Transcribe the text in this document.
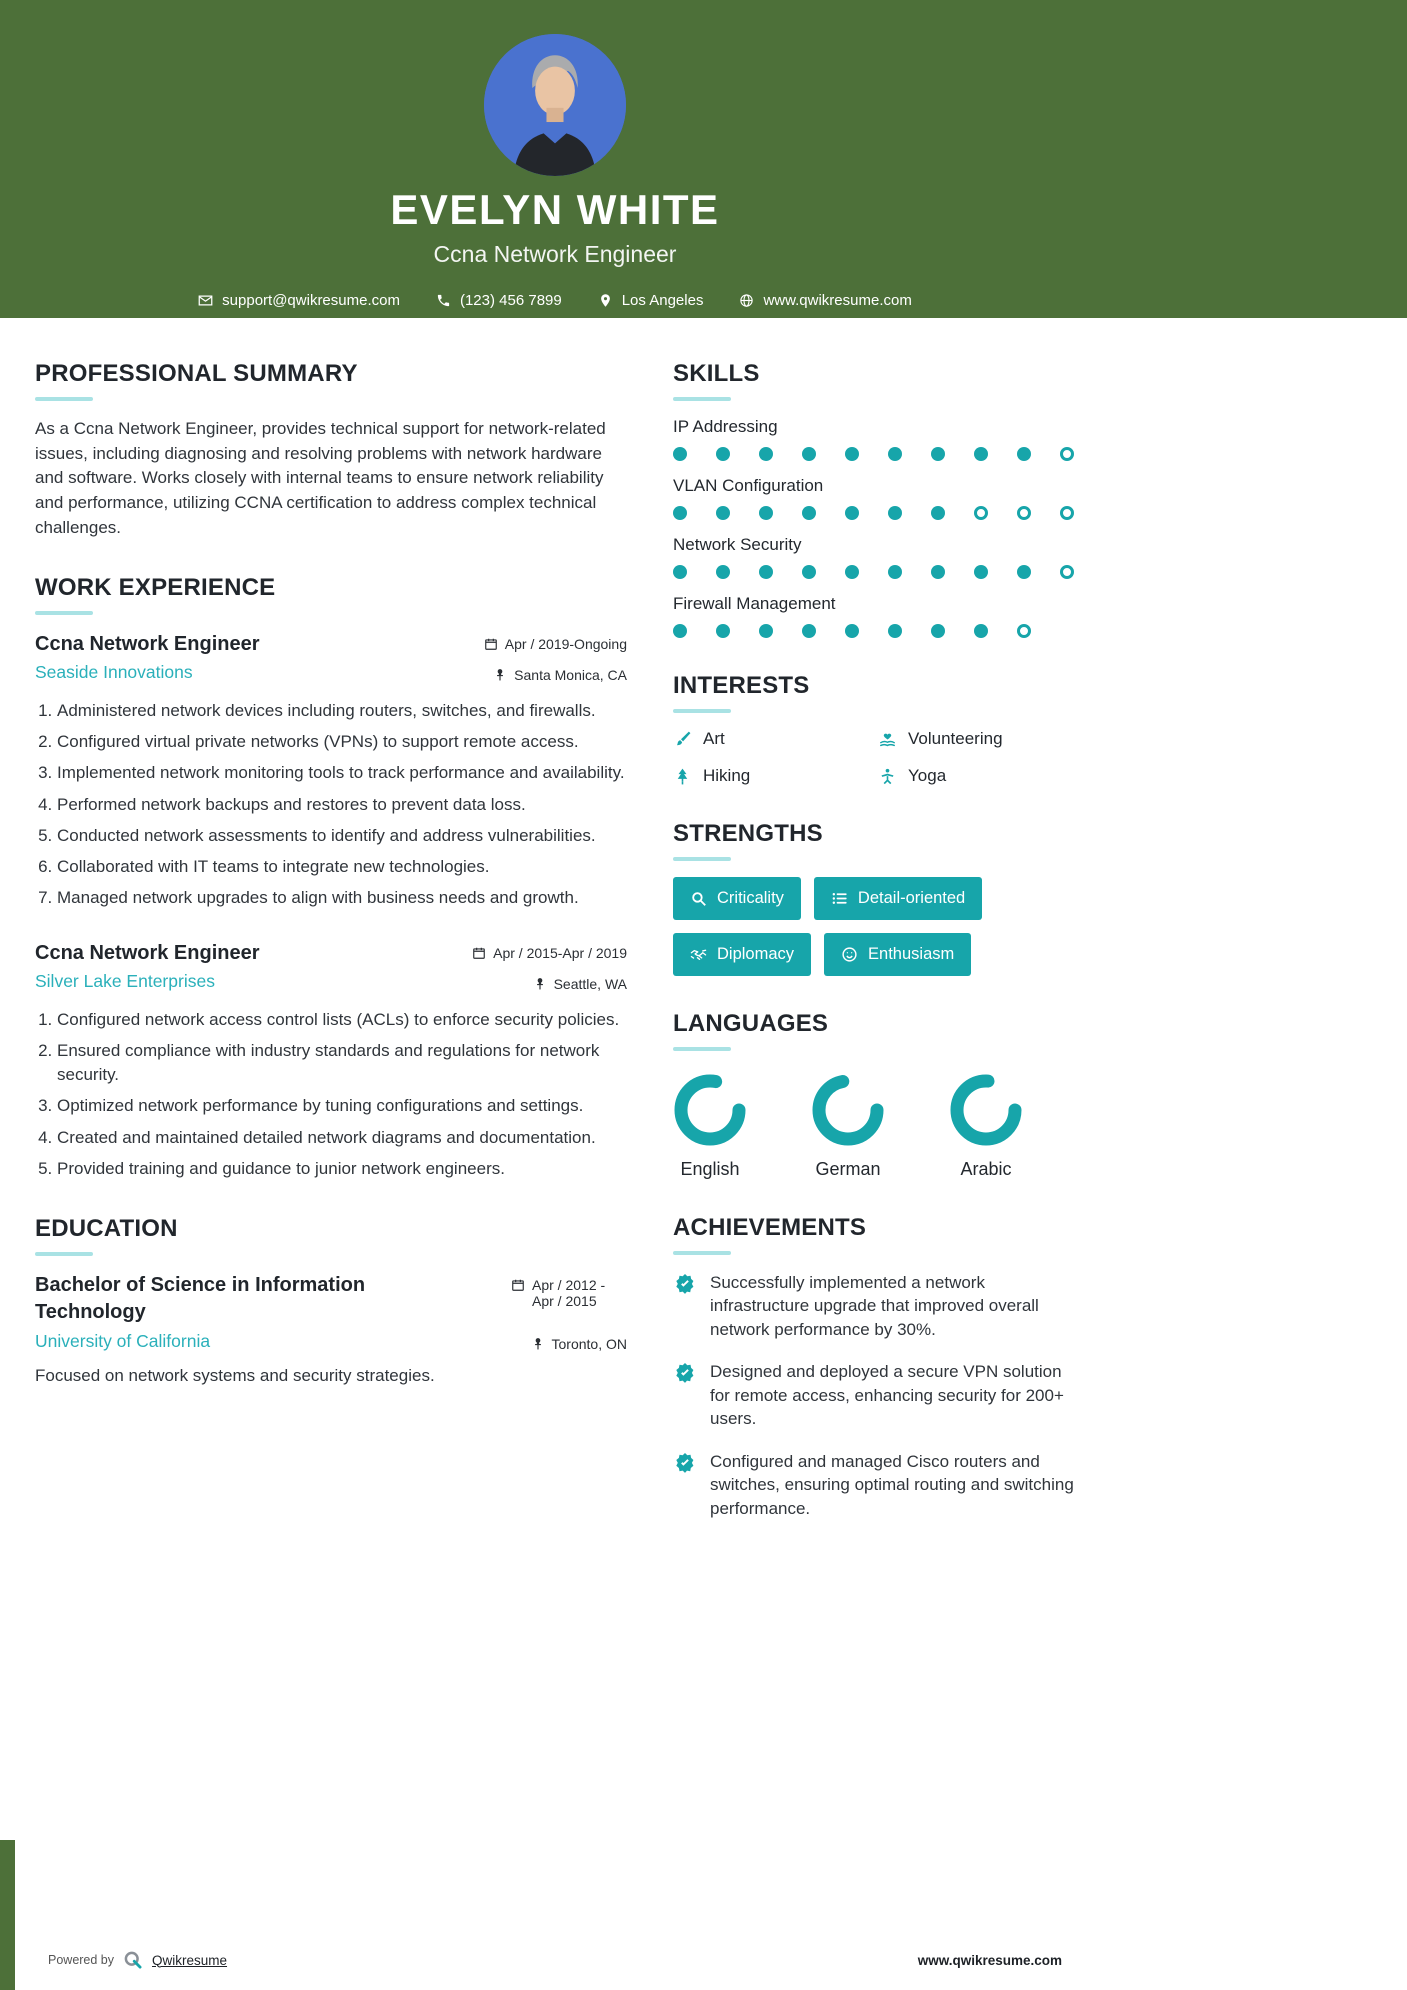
EVELYN WHITE
Ccna Network Engineer
support@qwikresume.com	(123) 456 7899	Los Angeles	www.qwikresume.com
PROFESSIONAL SUMMARY

As a Ccna Network Engineer, provides technical support for network-related issues, including diagnosing and resolving problems with network hardware and software. Works closely with internal teams to ensure network reliability and performance, utilizing CCNA certification to address complex technical challenges.

WORK EXPERIENCE
Ccna Network Engineer	Apr / 2019-Ongoing
Seaside Innovations	Santa Monica, CA
1. Administered network devices including routers, switches, and firewalls.
2. Configured virtual private networks (VPNs) to support remote access.
3. Implemented network monitoring tools to track performance and availability.
4. Performed network backups and restores to prevent data loss.
5. Conducted network assessments to identify and address vulnerabilities.
6. Collaborated with IT teams to integrate new technologies.
7. Managed network upgrades to align with business needs and growth.
Ccna Network Engineer	Apr / 2015-Apr / 2019
Silver Lake Enterprises	Seattle, WA
1. Configured network access control lists (ACLs) to enforce security policies.
2. Ensured compliance with industry standards and regulations for network security.
3. Optimized network performance by tuning configurations and settings.
4. Created and maintained detailed network diagrams and documentation.
5. Provided training and guidance to junior network engineers.
EDUCATION
Bachelor of Science in Information Technology
Apr / 2012 - Apr / 2015
University of California	Toronto, ON

Focused on network systems and security strategies.

SKILLS
IP Addressing
VLAN Configuration
Network Security
Firewall Management
INTERESTS
Art	Volunteering
Hiking	Yoga
STRENGTHS
Criticality	Detail-oriented
Diplomacy	Enthusiasm
LANGUAGES
English	German	Arabic
ACHIEVEMENTS
Successfully implemented a network infrastructure upgrade that improved overall network performance by 30%.
Designed and deployed a secure VPN solution for remote access, enhancing security for 200+ users.
Configured and managed Cisco routers and switches, ensuring optimal routing and switching performance.
Powered by	Qwikresume	www.qwikresume.com
